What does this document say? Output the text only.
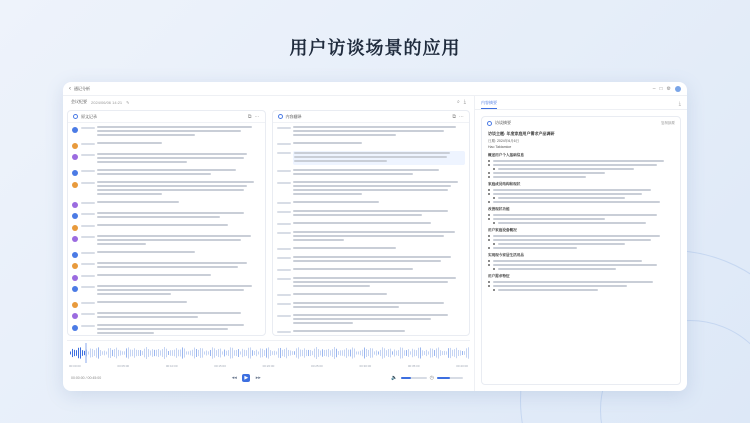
用户访谈场景的应用
‹ 通记分析	– □ ⚙
会议纪要 2024/06/06 14:21 ✎	⌕ ⤓
原文记录	⧉ ⋯	内容翻译	⧉ ⋯
00:00:00	00:05:00	00:10:00	00:15:00	00:20:00	00:25:00	00:30:00	00:35:00	00:40:00
00:00:00 / 00:45:00	◂◂	▶	▸▸	🔈	◷
内容摘要	⤓
访谈摘要	复制摘要
访谈主题: 年度家庭用户需求产品调研
日期: 2024年6月6日
Hao Taktamioe
概述用户个人基础信息
家庭成员结构和现状
改善现状功能
用户家庭设备概况
实现现今家居生活用品
用户需求特征
